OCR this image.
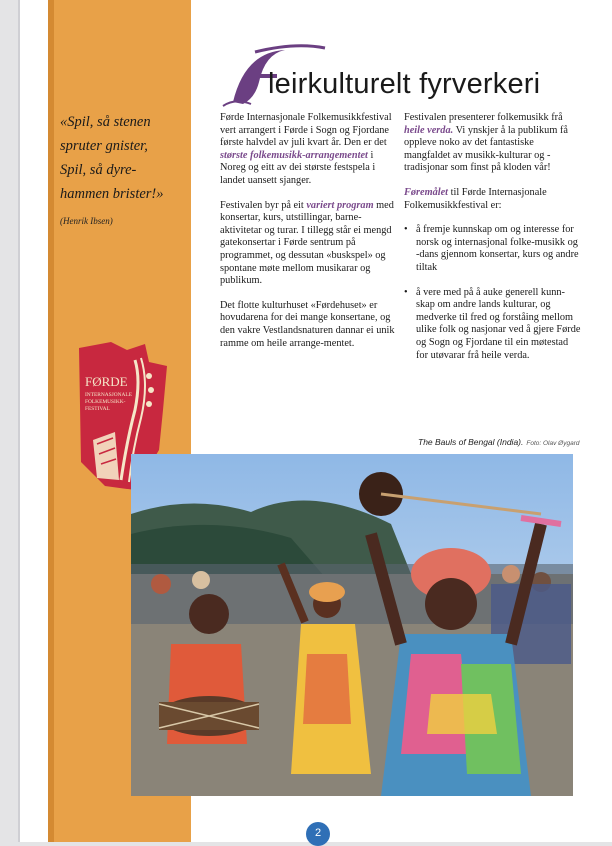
«Spil, så stenen

spruter gnister,

Spil, så dyre-

hammen brister!»

(Henrik Ibsen)
FØRDE
INTERNASJONALE
FOLKEMUSIKK-
FESTIVAL
leirkulturelt fyrverkeri

Førde Internasjonale Folkemusikkfestival vert arrangert i Førde i Sogn og Fjordane første halvdel av juli kvart år. Den er det største folkemusikk-arrangementet i Noreg og eitt av dei største festspela i landet uansett sjanger.

Festivalen byr på eit variert program med konsertar, kurs, utstillingar, barne-aktivitetar og turar. I tillegg står ei mengd gatekonsertar i Førde sentrum på programmet, og dessutan «buskspel» og spontane møte mellom musikarar og publikum.

Det flotte kulturhuset «Førdehuset» er hovudarena for dei mange konsertane, og den vakre Vestlandsnaturen dannar ei unik ramme om heile arrange-mentet.

Festivalen presenterer folkemusikk frå heile verda. Vi ynskjer å la publikum få oppleve noko av det fantastiske mangfaldet av musikk-kulturar og -tradisjonar som finst på kloden vår!

Føremålet til Førde Internasjonale Folkemusikkfestival er:

• å fremje kunnskap om og interesse for norsk og internasjonal folke-musikk og -dans gjennom konsertar, kurs og andre tiltak
• å vere med på å auke generell kunn-skap om andre lands kulturar, og medverke til fred og forståing mellom ulike folk og nasjonar ved å gjere Førde og Sogn og Fjordane til ein møtestad for utøvarar frå heile verda.
The Bauls of Bengal (India). Foto: Olav Øygard
2
